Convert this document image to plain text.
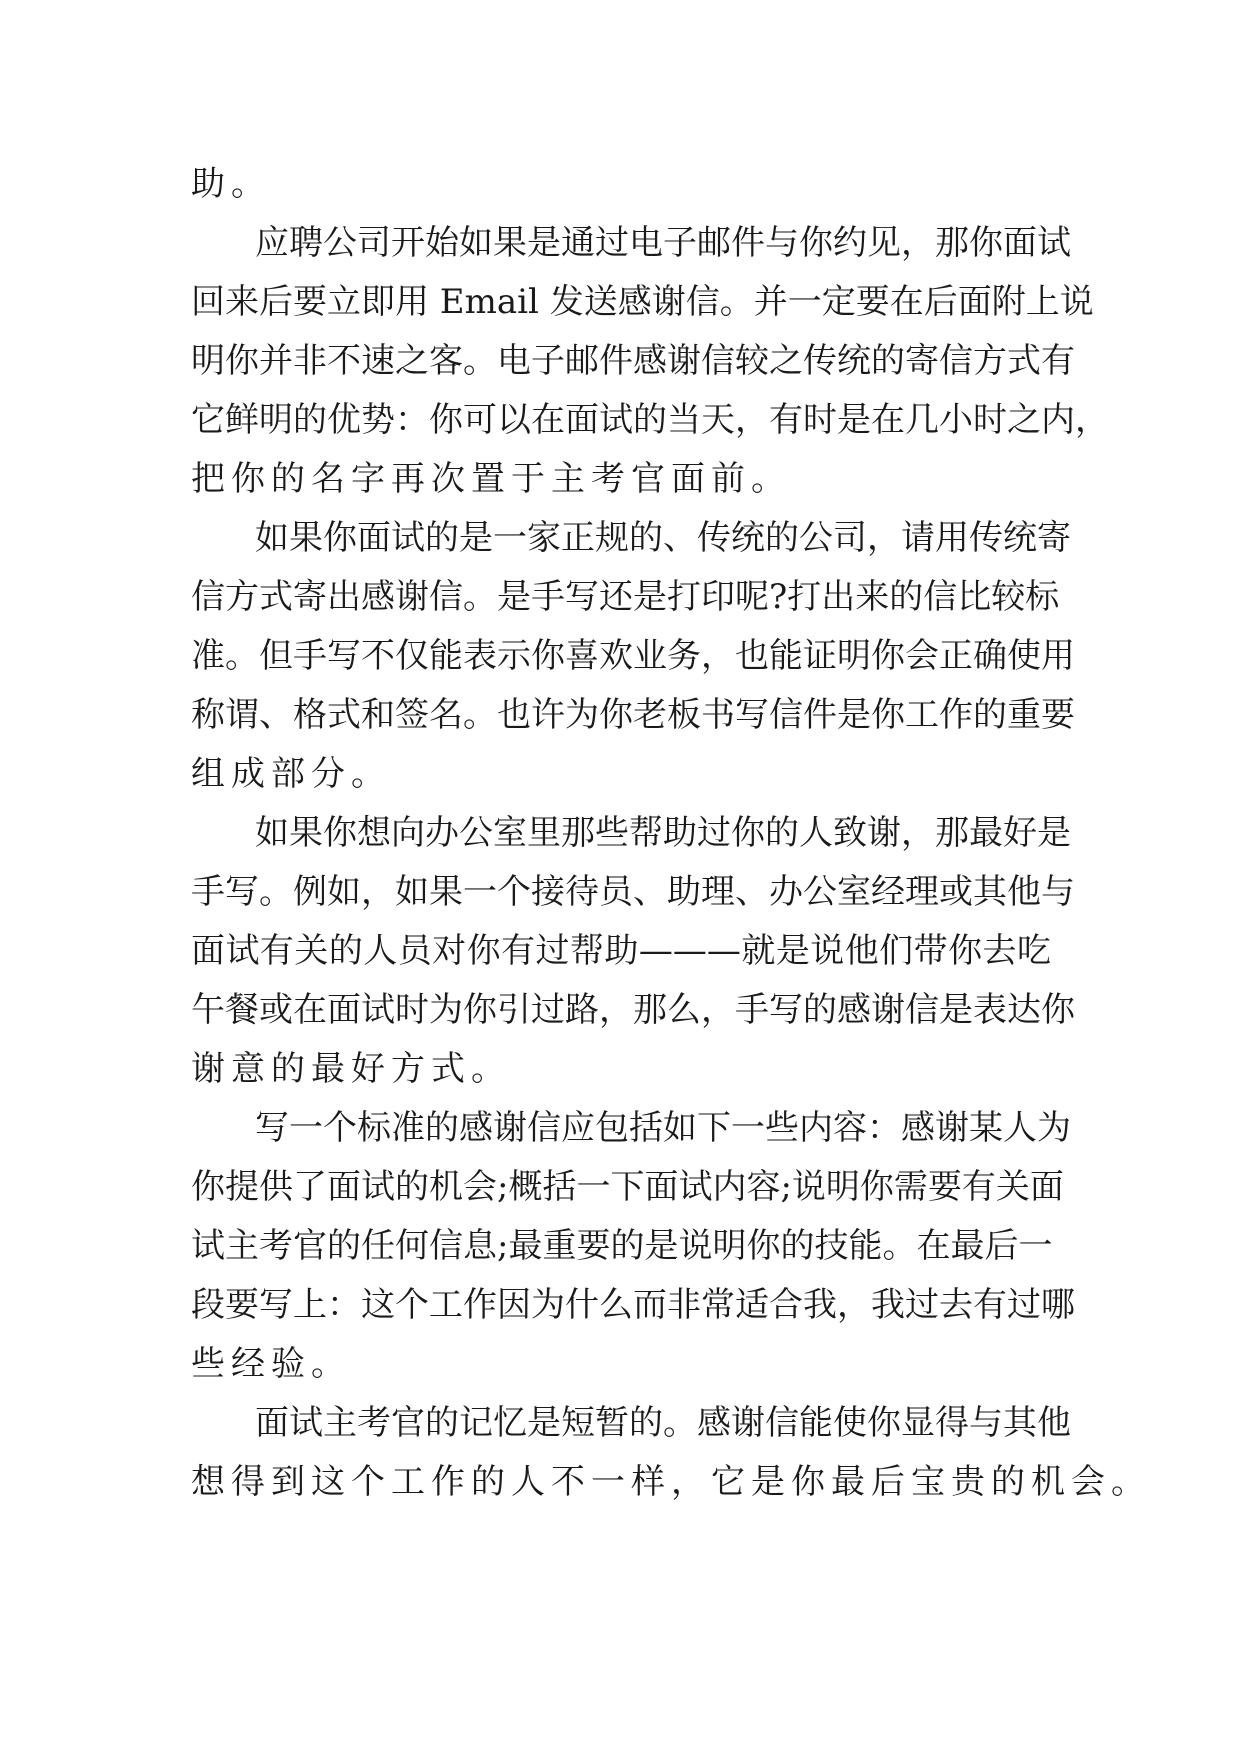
助。
应聘公司开始如果是通过电子邮件与你约见，那你面试
回来后要立即用 Email 发送感谢信。并一定要在后面附上说
明你并非不速之客。电子邮件感谢信较之传统的寄信方式有
它鲜明的优势：你可以在面试的当天，有时是在几小时之内，
把你的名字再次置于主考官面前。
如果你面试的是一家正规的、传统的公司，请用传统寄
信方式寄出感谢信。是手写还是打印呢?打出来的信比较标
准。但手写不仅能表示你喜欢业务，也能证明你会正确使用
称谓、格式和签名。也许为你老板书写信件是你工作的重要
组成部分。
如果你想向办公室里那些帮助过你的人致谢，那最好是
手写。例如，如果一个接待员、助理、办公室经理或其他与
面试有关的人员对你有过帮助———就是说他们带你去吃
午餐或在面试时为你引过路，那么，手写的感谢信是表达你
谢意的最好方式。
写一个标准的感谢信应包括如下一些内容：感谢某人为
你提供了面试的机会;概括一下面试内容;说明你需要有关面
试主考官的任何信息;最重要的是说明你的技能。在最后一
段要写上：这个工作因为什么而非常适合我，我过去有过哪
些经验。
面试主考官的记忆是短暂的。感谢信能使你显得与其他
想得到这个工作的人不一样，它是你最后宝贵的机会。
